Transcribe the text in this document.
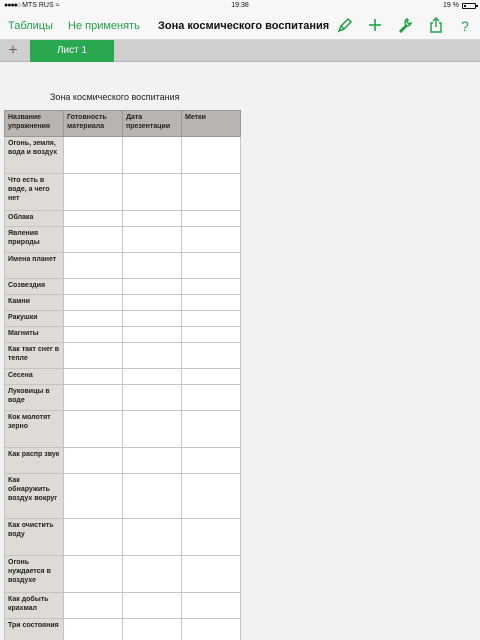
●●●●○ MTS RUS ≈	19:38	19 %
Таблицы Не применять Зона космического воспитания	?
+	Лист 1
Зона космического воспитания
Название упражнения	Готовность материала	Дата презентации	Метки
Огонь, земля, вода и воздух			
Что есть в воде, а чего нет			
Облака			
Явления природы			
Имена планет			
Созвездия			
Камни			
Ракушки			
Магниты			
Как такт снег в тепле			
Сесена			
Луковицы в воде			
Кок молотят зерно			
Как распр звук			
Как обнаружить воздух вокруг			
Как очистить воду			
Огонь нуждается в воздухе			
Как добыть крахмал			
Три состояния			
